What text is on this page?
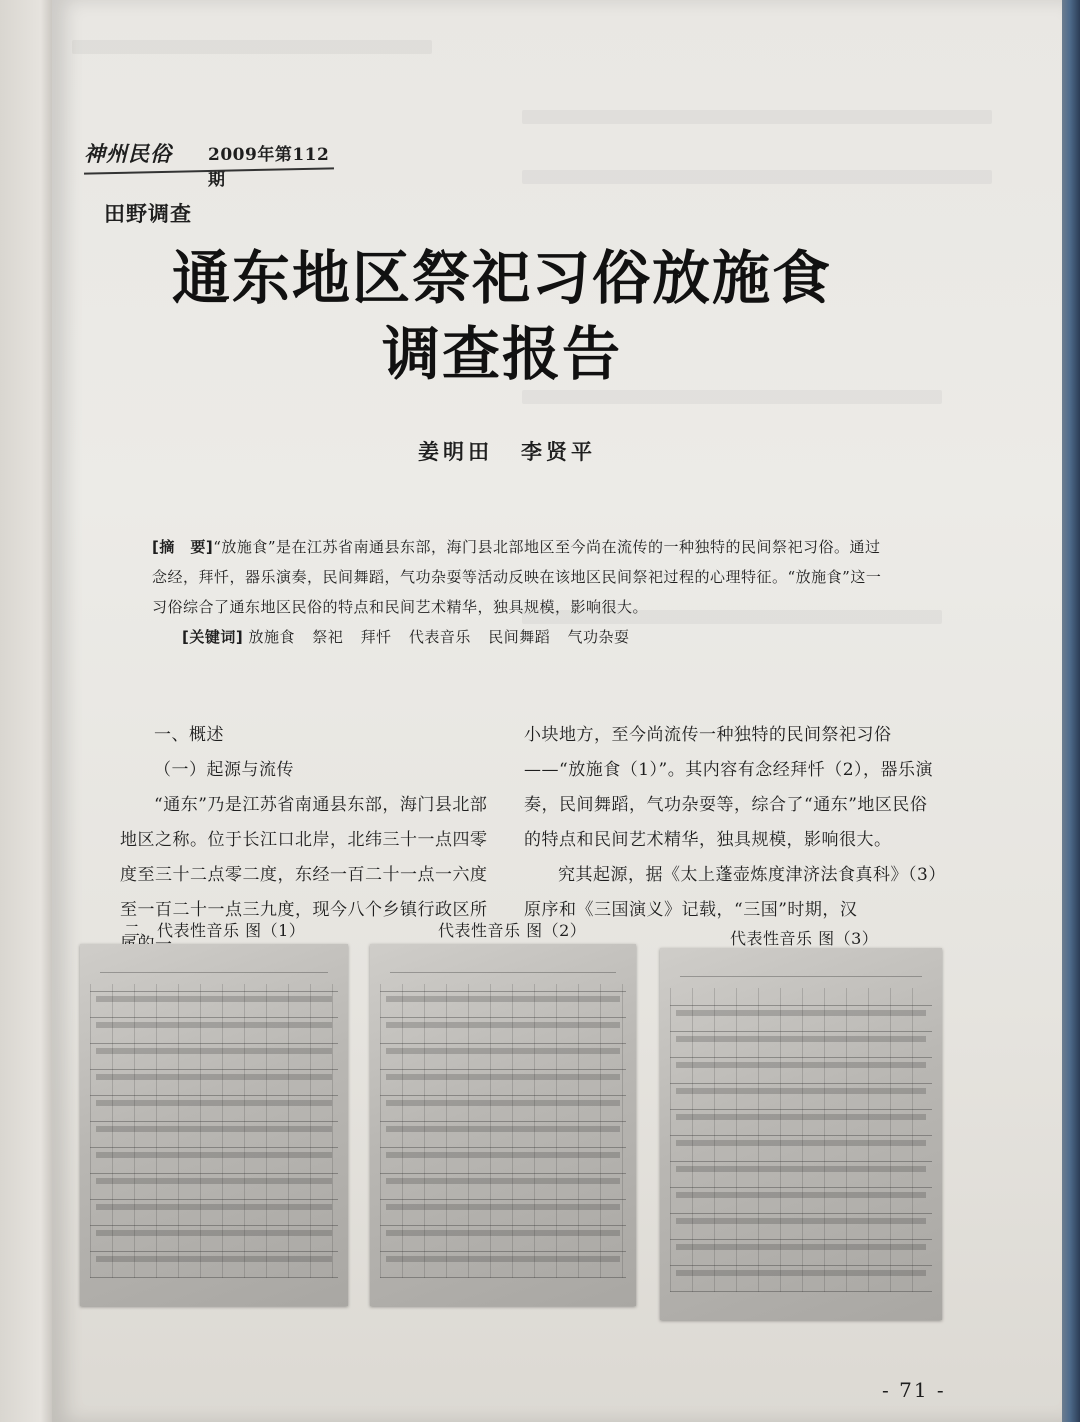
神州民俗 2009年第112期
田野调查
通东地区祭祀习俗放施食
调查报告
姜明田 李贤平

[摘　要]“放施食”是在江苏省南通县东部，海门县北部地区至今尚在流传的一种独特的民间祭祀习俗。通过念经，拜忏，器乐演奏，民间舞蹈，气功杂耍等活动反映在该地区民间祭祀过程的心理特征。“放施食”这一习俗综合了通东地区民俗的特点和民间艺术精华，独具规模，影响很大。

[关键词] 放施食 祭祀 拜忏 代表音乐 民间舞蹈 气功杂耍

一、概述

（一）起源与流传

“通东”乃是江苏省南通县东部，海门县北部地区之称。位于长江口北岸，北纬三十一点四零度至三十二点零二度，东经一百二十一点一六度至一百二十一点三九度，现今八个乡镇行政区所

小块地方，至今尚流传一种独特的民间祭祀习俗——“放施食（1）”。其内容有念经拜忏（2），器乐演奏，民间舞蹈，气功杂耍等，综合了“通东”地区民俗的特点和民间艺术精华，独具规模，影响很大。

究其起源，据《太上蓬壶炼度津济法食真科》（3）原序和《三国演义》记载，“三国”时期，汉

二、代表性音乐 图（1）	代表性音乐 图（2）	代表性音乐 图（3）
- 71 -
